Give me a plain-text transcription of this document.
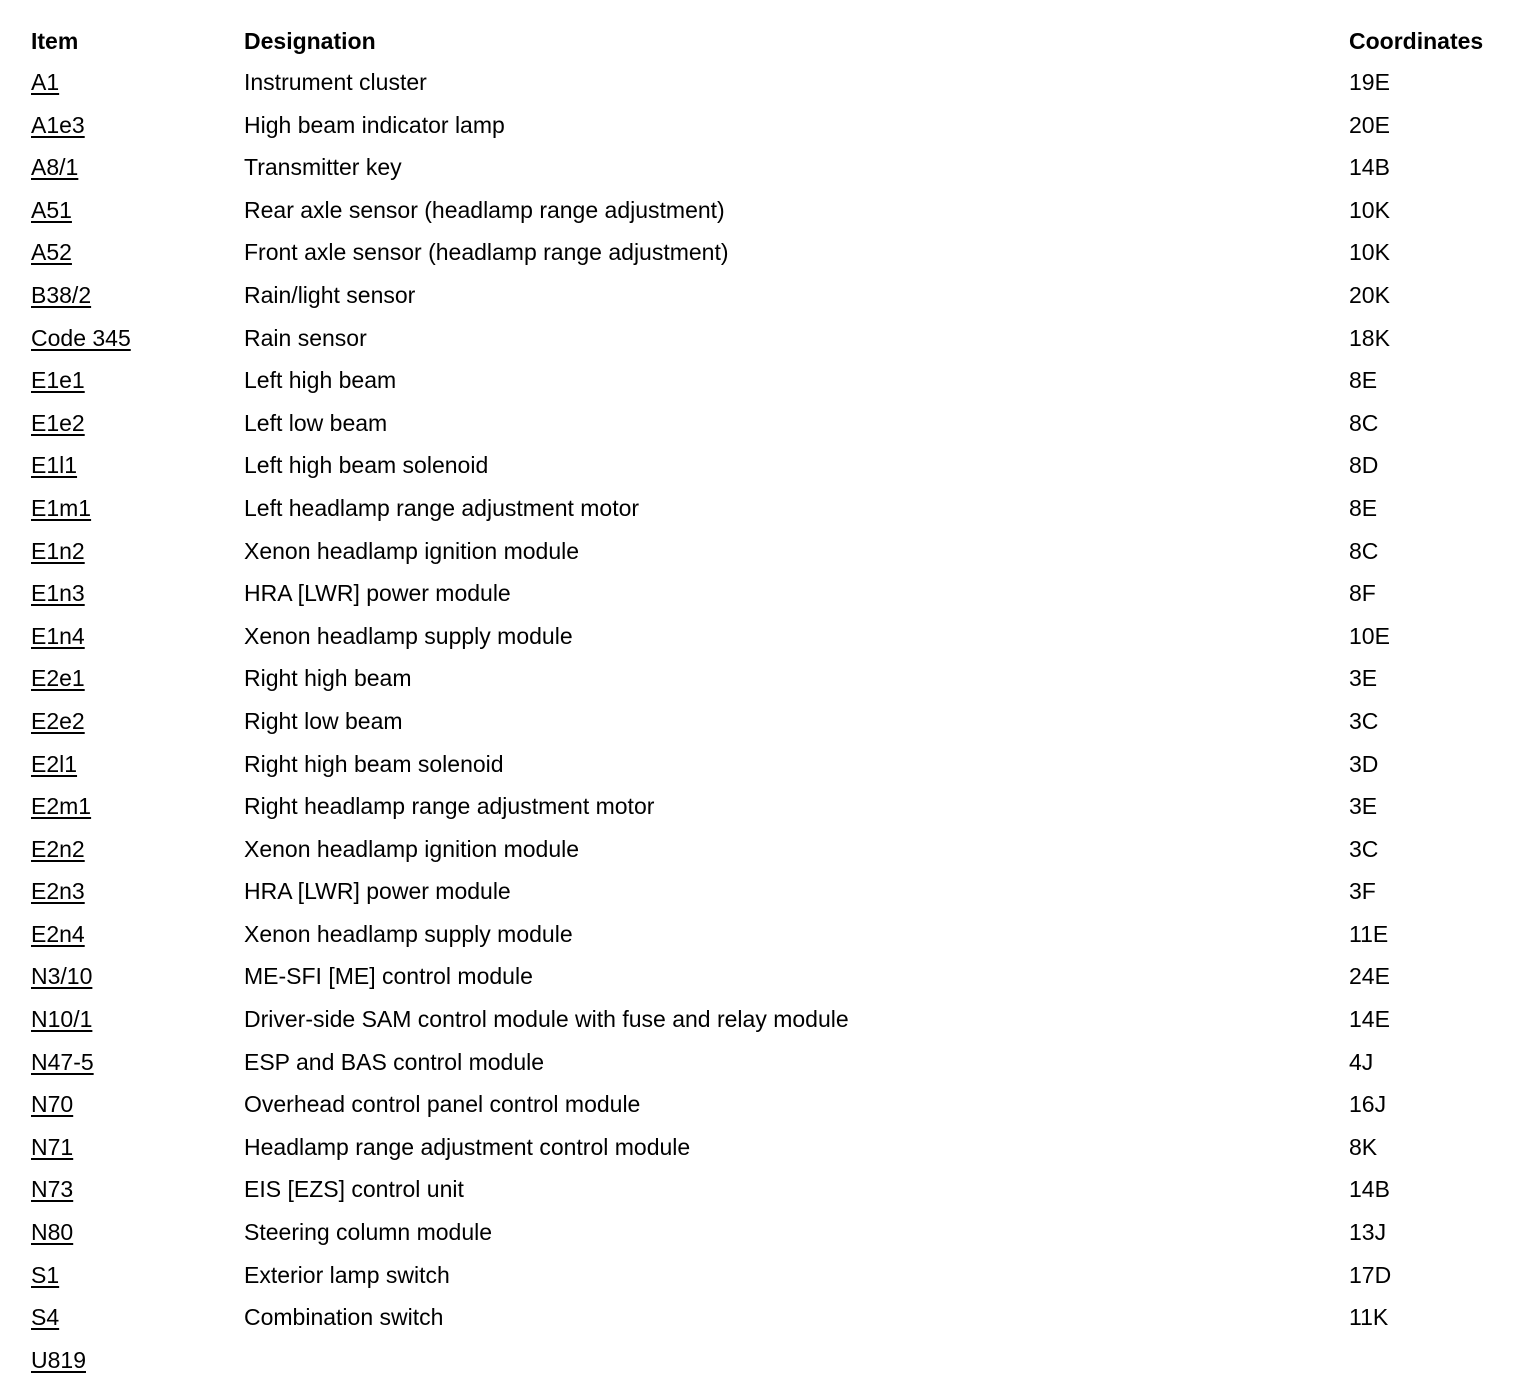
Item	Designation	Coordinates
A1	Instrument cluster	19E
A1e3	High beam indicator lamp	20E
A8/1	Transmitter key	14B
A51	Rear axle sensor (headlamp range adjustment)	10K
A52	Front axle sensor (headlamp range adjustment)	10K
B38/2	Rain/light sensor	20K
Code 345	Rain sensor	18K
E1e1	Left high beam	8E
E1e2	Left low beam	8C
E1l1	Left high beam solenoid	8D
E1m1	Left headlamp range adjustment motor	8E
E1n2	Xenon headlamp ignition module	8C
E1n3	HRA [LWR] power module	8F
E1n4	Xenon headlamp supply module	10E
E2e1	Right high beam	3E
E2e2	Right low beam	3C
E2l1	Right high beam solenoid	3D
E2m1	Right headlamp range adjustment motor	3E
E2n2	Xenon headlamp ignition module	3C
E2n3	HRA [LWR] power module	3F
E2n4	Xenon headlamp supply module	11E
N3/10	ME-SFI [ME] control module	24E
N10/1	Driver-side SAM control module with fuse and relay module	14E
N47-5	ESP and BAS control module	4J
N70	Overhead control panel control module	16J
N71	Headlamp range adjustment control module	8K
N73	EIS [EZS] control unit	14B
N80	Steering column module	13J
S1	Exterior lamp switch	17D
S4	Combination switch	11K
U819
